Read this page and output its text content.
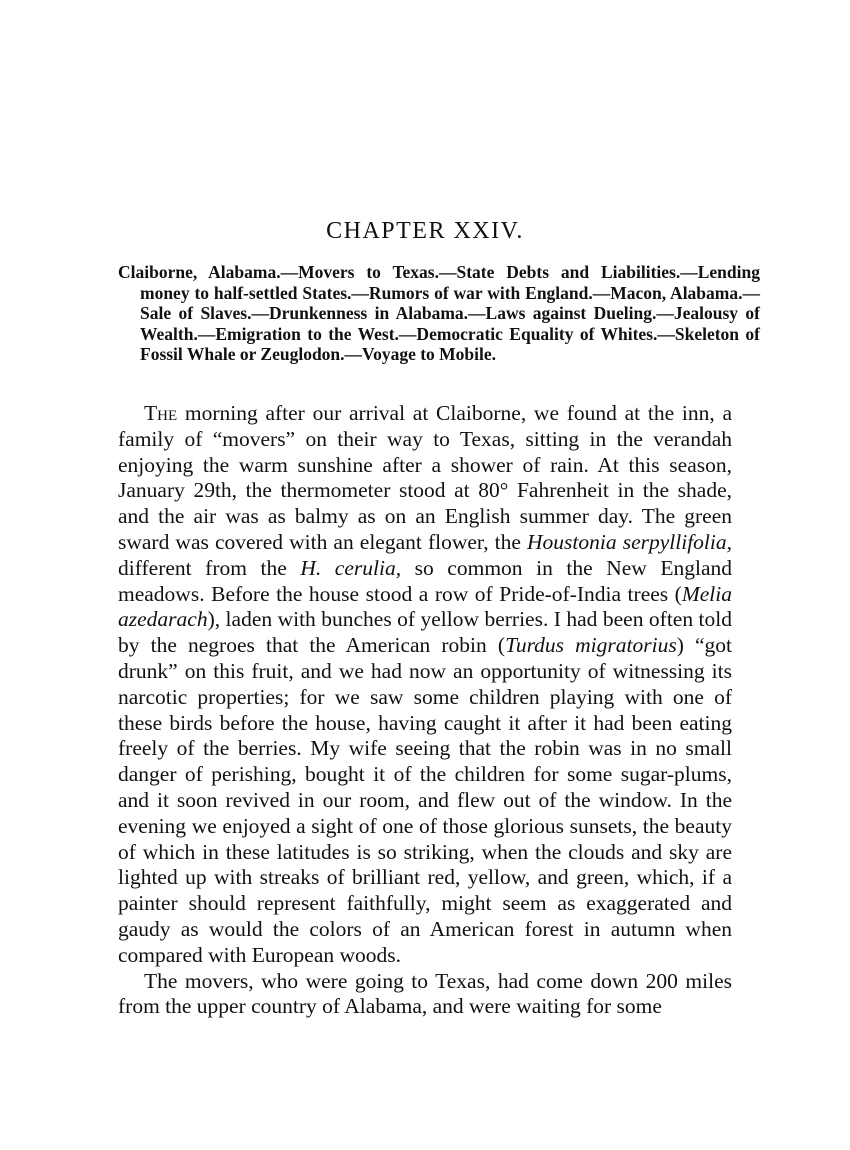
CHAPTER XXIV.

Claiborne, Alabama.—Movers to Texas.—State Debts and Liabilities.—Lending money to half-settled States.—Rumors of war with England.—Macon, Alabama.—Sale of Slaves.—Drunkenness in Alabama.—Laws against Dueling.—Jealousy of Wealth.—Emigration to the West.—Democratic Equality of Whites.—Skeleton of Fossil Whale or Zeuglodon.—Voyage to Mobile.

The morning after our arrival at Claiborne, we found at the inn, a family of “movers” on their way to Texas, sitting in the verandah enjoying the warm sunshine after a shower of rain. At this season, January 29th, the thermometer stood at 80° Fahrenheit in the shade, and the air was as balmy as on an English summer day. The green sward was covered with an elegant flower, the Houstonia serpyllifolia, different from the H. cerulia, so common in the New England meadows. Before the house stood a row of Pride-of-India trees (Melia azedarach), laden with bunches of yellow berries. I had been often told by the negroes that the American robin (Turdus migratorius) “got drunk” on this fruit, and we had now an opportunity of witnessing its narcotic properties; for we saw some children playing with one of these birds before the house, having caught it after it had been eating freely of the berries. My wife seeing that the robin was in no small danger of perishing, bought it of the children for some sugar-plums, and it soon revived in our room, and flew out of the window. In the evening we enjoyed a sight of one of those glorious sunsets, the beauty of which in these latitudes is so striking, when the clouds and sky are lighted up with streaks of brilliant red, yellow, and green, which, if a painter should represent faithfully, might seem as exaggerated and gaudy as would the colors of an American forest in autumn when compared with European woods.

The movers, who were going to Texas, had come down 200 miles from the upper country of Alabama, and were waiting for some
